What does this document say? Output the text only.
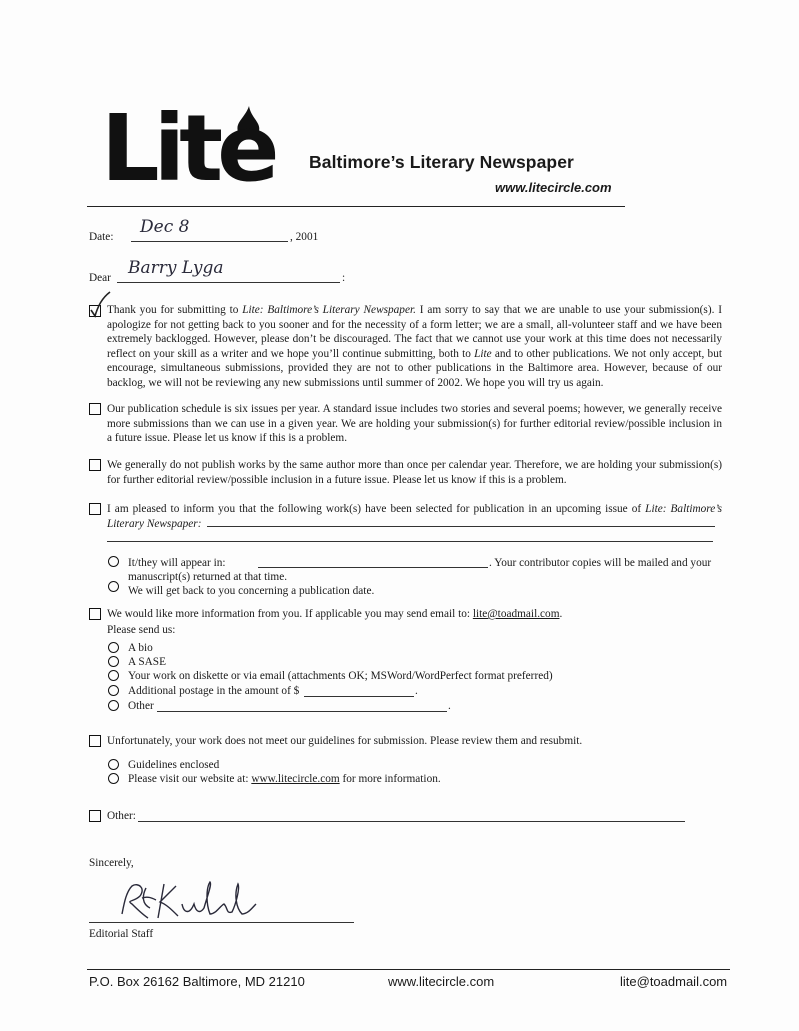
Lite Baltimore’s Literary Newspaper
www.litecircle.com
Date: Dec 8	, 2001
Dear Barry Lyga	:
Thank you for submitting to Lite: Baltimore’s Literary Newspaper. I am sorry to say that we are unable to use your submission(s). I apologize for not getting back to you sooner and for the necessity of a form letter; we are a small, all-volunteer staff and we have been extremely backlogged. However, please don’t be discouraged. The fact that we cannot use your work at this time does not necessarily reflect on your skill as a writer and we hope you’ll continue submitting, both to Lite and to other publications. We not only accept, but encourage, simultaneous submissions, provided they are not to other publications in the Baltimore area. However, because of our backlog, we will not be reviewing any new submissions until summer of 2002. We hope you will try us again.
Our publication schedule is six issues per year. A standard issue includes two stories and several poems; however, we generally receive more submissions than we can use in a given year. We are holding your submission(s) for further editorial review/possible inclusion in a future issue. Please let us know if this is a problem.
We generally do not publish works by the same author more than once per calendar year. Therefore, we are holding your submission(s) for further editorial review/possible inclusion in a future issue. Please let us know if this is a problem.
I am pleased to inform you that the following work(s) have been selected for publication in an upcoming issue of Lite: Baltimore’s Literary Newspaper:
It/they will appear in:	. Your contributor copies will be mailed and your
manuscript(s) returned at that time.
We will get back to you concerning a publication date.
We would like more information from you. If applicable you may send email to: lite@toadmail.com.
Please send us:
A bio
A SASE
Your work on diskette or via email (attachments OK; MSWord/WordPerfect format preferred)
Additional postage in the amount of $	.
Other	.
Unfortunately, your work does not meet our guidelines for submission. Please review them and resubmit.
Guidelines enclosed
Please visit our website at: www.litecircle.com for more information.
Other:
Sincerely,
Editorial Staff
P.O. Box 26162 Baltimore, MD 21210	www.litecircle.com	lite@toadmail.com
